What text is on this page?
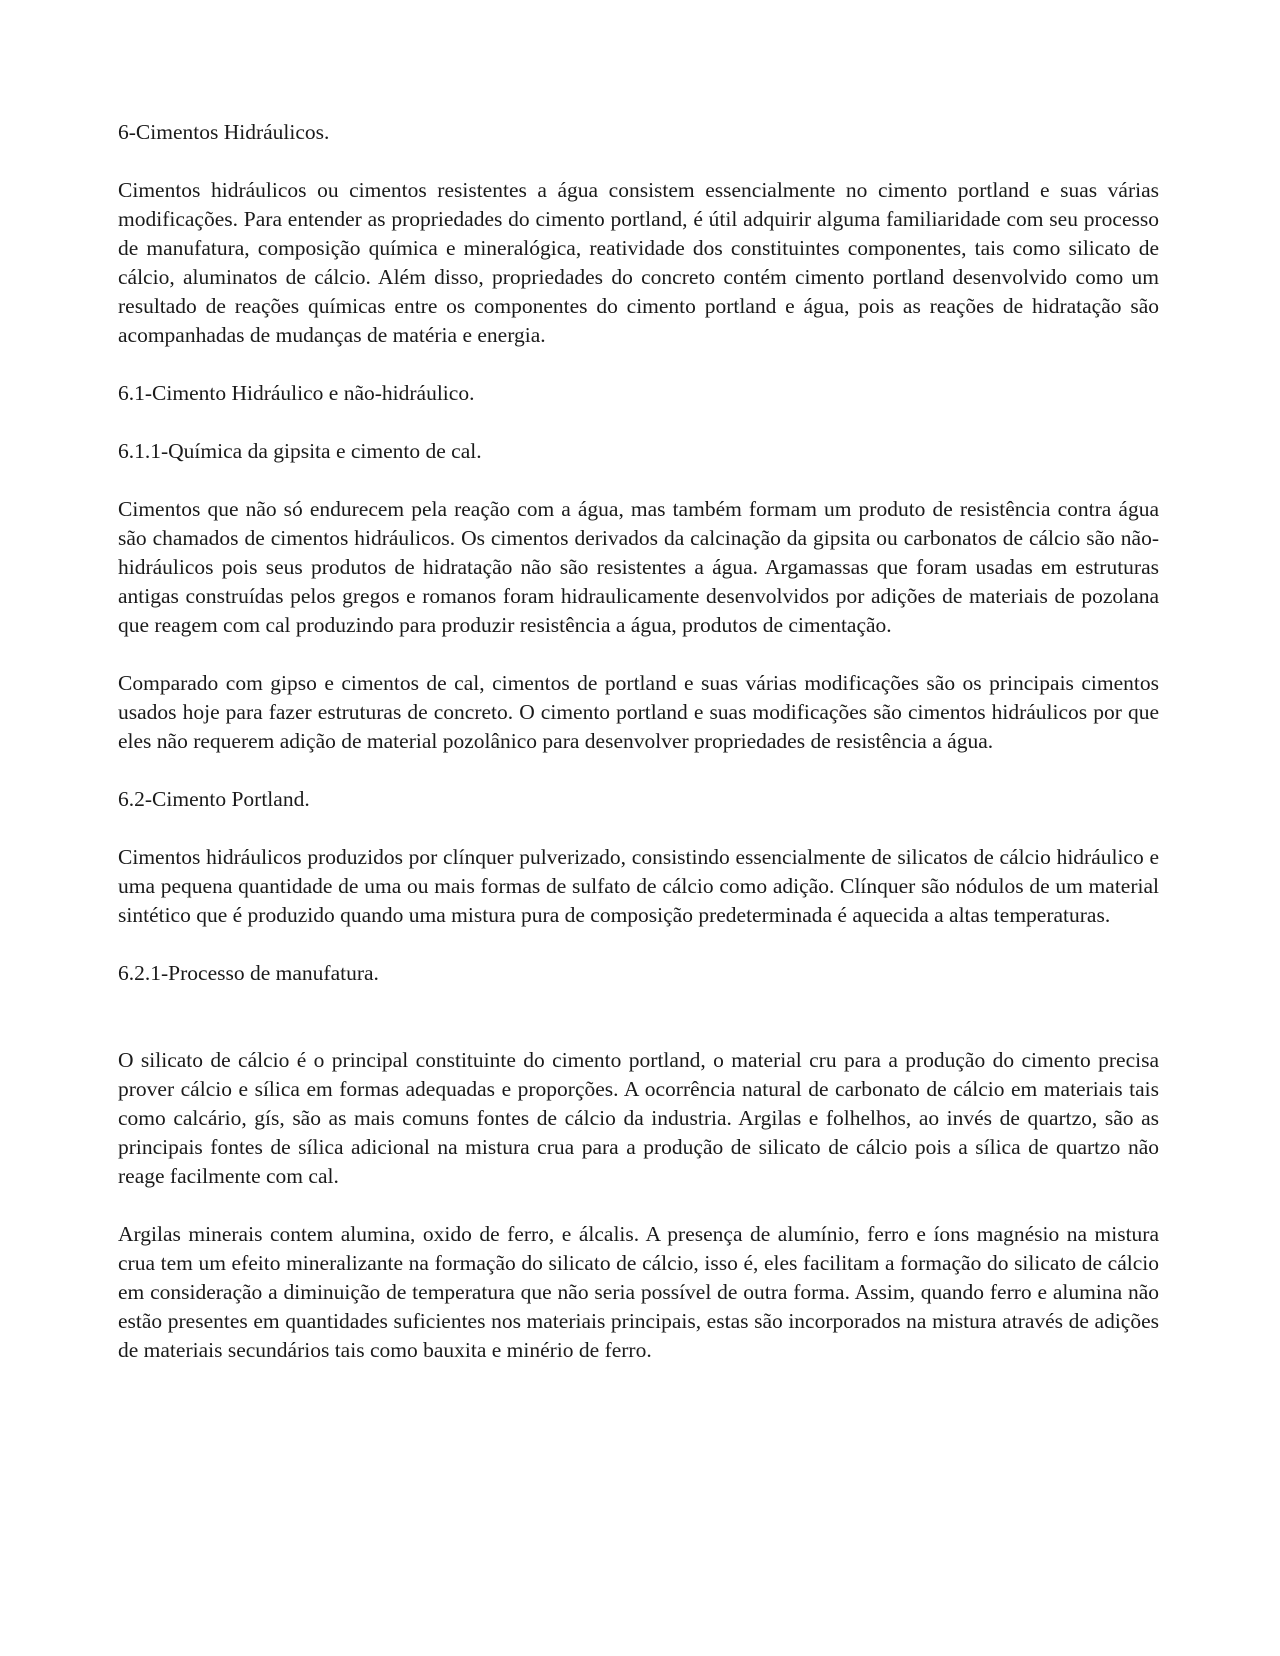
6-Cimentos Hidráulicos.
Cimentos hidráulicos ou cimentos resistentes a água consistem essencialmente no cimento portland e suas várias modificações. Para entender as propriedades do cimento portland, é útil adquirir alguma familiaridade com seu processo de manufatura, composição química e mineralógica, reatividade dos constituintes componentes, tais como silicato de cálcio, aluminatos de cálcio. Além disso, propriedades do concreto contém cimento portland desenvolvido como um resultado de reações químicas entre os componentes do cimento portland e água, pois as reações de hidratação são acompanhadas de mudanças de matéria e energia.
6.1-Cimento Hidráulico e não-hidráulico.
6.1.1-Química da gipsita e cimento de cal.
Cimentos que não só endurecem pela reação com a água, mas também formam um produto de resistência contra água são chamados de cimentos hidráulicos. Os cimentos derivados da calcinação da gipsita ou carbonatos de cálcio são não-hidráulicos pois seus produtos de hidratação não são resistentes a água. Argamassas que foram usadas em estruturas antigas construídas pelos gregos e romanos foram hidraulicamente desenvolvidos por adições de materiais de pozolana que reagem com cal produzindo para produzir resistência a água, produtos de cimentação.
Comparado com gipso e cimentos de cal, cimentos de portland e suas várias modificações são os principais cimentos usados hoje para fazer estruturas de concreto. O cimento portland e suas modificações são cimentos hidráulicos por que eles não requerem adição de material pozolânico para desenvolver propriedades de resistência a água.
6.2-Cimento Portland.
Cimentos hidráulicos produzidos por clínquer pulverizado, consistindo essencialmente de silicatos de cálcio hidráulico e uma pequena quantidade de uma ou mais formas de sulfato de cálcio como adição. Clínquer são nódulos de um material sintético que é produzido quando uma mistura pura de composição predeterminada é aquecida a altas temperaturas.
6.2.1-Processo de manufatura.
O silicato de cálcio é o principal constituinte do cimento portland, o material cru para a produção do cimento precisa prover cálcio e sílica em formas adequadas e proporções. A ocorrência natural de carbonato de cálcio em materiais tais como calcário, gís, são as mais comuns fontes de cálcio da industria. Argilas e folhelhos, ao invés de quartzo, são as principais fontes de sílica adicional na mistura crua para a produção de silicato de cálcio pois a sílica de quartzo não reage facilmente com cal.
Argilas minerais contem alumina, oxido de ferro, e álcalis. A presença de alumínio, ferro e íons magnésio na mistura crua tem um efeito mineralizante na formação do silicato de cálcio, isso é, eles facilitam a formação do silicato de cálcio em consideração a diminuição de temperatura que não seria possível de outra forma. Assim, quando ferro e alumina não estão presentes em quantidades suficientes nos materiais principais, estas são incorporados na mistura através de adições de materiais secundários tais como bauxita e minério de ferro.
